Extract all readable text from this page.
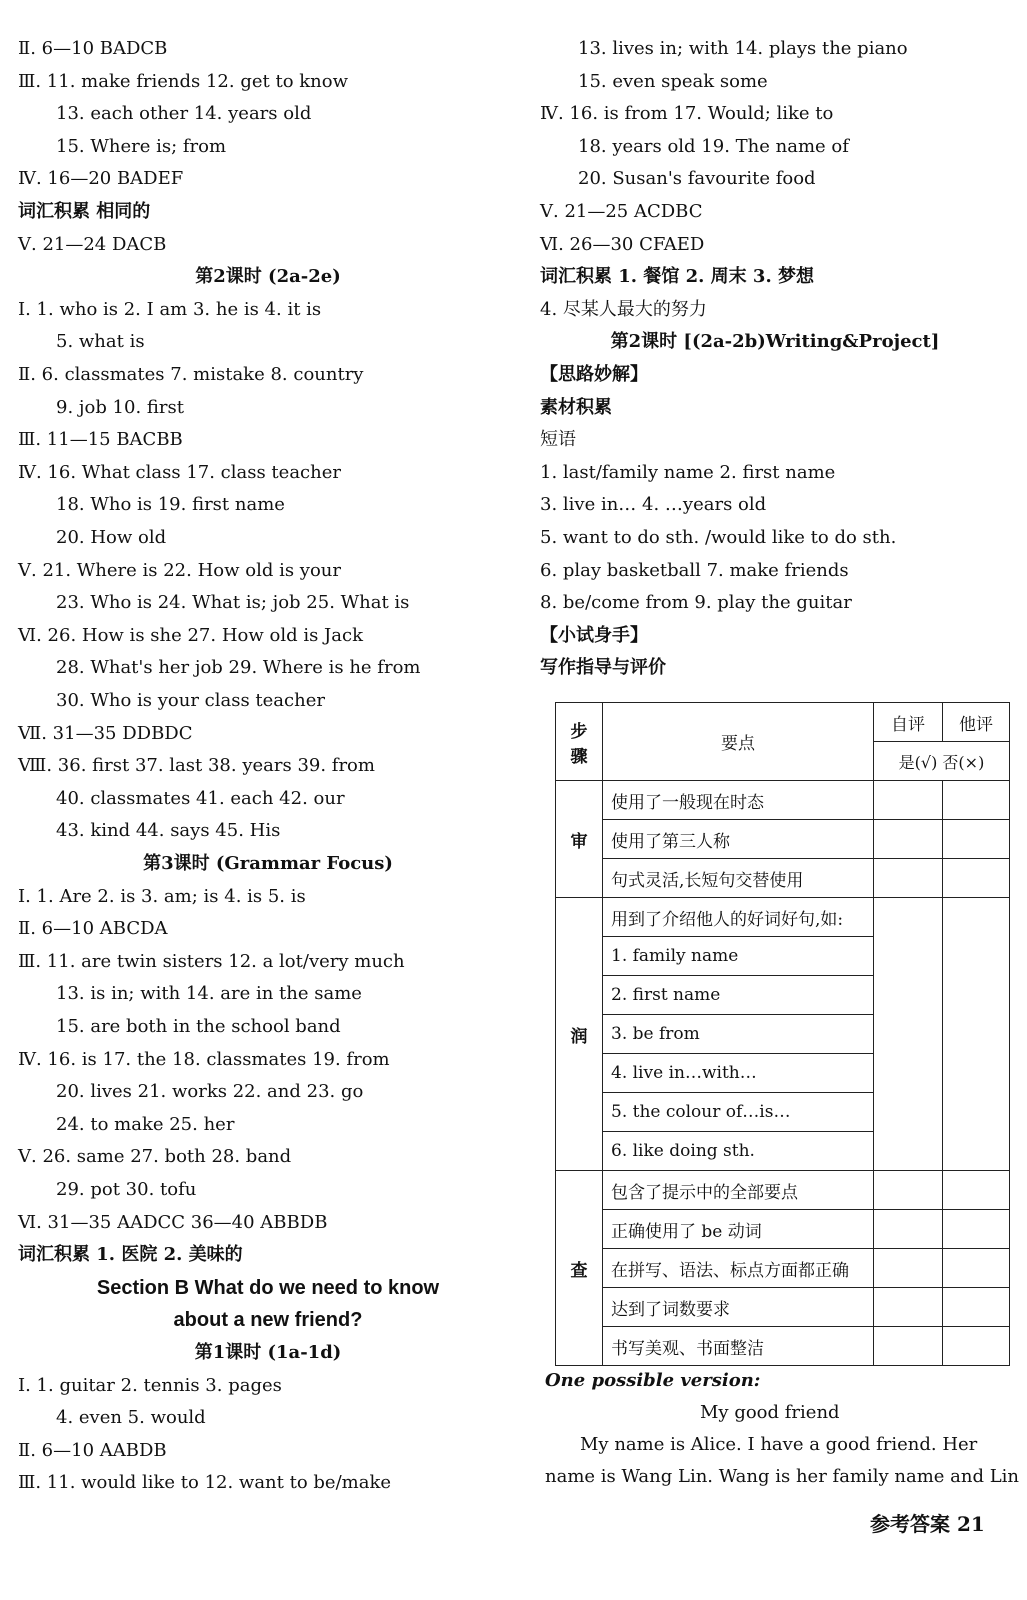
Ⅱ. 6—10 BADCB
Ⅲ. 11. make friends 12. get to know
13. each other 14. years old
15. Where is; from
Ⅳ. 16—20 BADEF
词汇积累 相同的
Ⅴ. 21—24 DACB
第2课时 (2a-2e)
Ⅰ. 1. who is 2. I am 3. he is 4. it is
5. what is
Ⅱ. 6. classmates 7. mistake 8. country
9. job 10. first
Ⅲ. 11—15 BACBB
Ⅳ. 16. What class 17. class teacher
18. Who is 19. first name
20. How old
Ⅴ. 21. Where is 22. How old is your
23. Who is 24. What is; job 25. What is
Ⅵ. 26. How is she 27. How old is Jack
28. What's her job 29. Where is he from
30. Who is your class teacher
Ⅶ. 31—35 DDBDC
Ⅷ. 36. first 37. last 38. years 39. from
40. classmates 41. each 42. our
43. kind 44. says 45. His
第3课时 (Grammar Focus)
Ⅰ. 1. Are 2. is 3. am; is 4. is 5. is
Ⅱ. 6—10 ABCDA
Ⅲ. 11. are twin sisters 12. a lot/very much
13. is in; with 14. are in the same
15. are both in the school band
Ⅳ. 16. is 17. the 18. classmates 19. from
20. lives 21. works 22. and 23. go
24. to make 25. her
Ⅴ. 26. same 27. both 28. band
29. pot 30. tofu
Ⅵ. 31—35 AADCC 36—40 ABBDB
词汇积累 1. 医院 2. 美味的
Section B What do we need to know
about a new friend?
第1课时 (1a-1d)
Ⅰ. 1. guitar 2. tennis 3. pages
4. even 5. would
Ⅱ. 6—10 AABDB
Ⅲ. 11. would like to 12. want to be/make
13. lives in; with 14. plays the piano
15. even speak some
Ⅳ. 16. is from 17. Would; like to
18. years old 19. The name of
20. Susan's favourite food
Ⅴ. 21—25 ACDBC
Ⅵ. 26—30 CFAED
词汇积累 1. 餐馆 2. 周末 3. 梦想
4. 尽某人最大的努力
第2课时 [(2a-2b)Writing&Project]
【思路妙解】
素材积累
短语
1. last/family name 2. first name
3. live in… 4. …years old
5. want to do sth. /would like to do sth.
6. play basketball 7. make friends
8. be/come from 9. play the guitar
【小试身手】
写作指导与评价
步骤	要点	自评	他评
		是(√) 否(×)	
审	使用了一般现在时态		
	使用了第三人称		
	句式灵活,长短句交替使用		
润	用到了介绍他人的好词好句,如:		
	1. family name		
	2. first name		
	3. be from		
	4. live in…with…		
	5. the colour of…is…		
	6. like doing sth.		
查	包含了提示中的全部要点		
	正确使用了 be 动词		
	在拼写、语法、标点方面都正确		
	达到了词数要求		
	书写美观、书面整洁		
One possible version:
My good friend
My name is Alice. I have a good friend. Her
name is Wang Lin. Wang is her family name and Lin
参考答案 21
